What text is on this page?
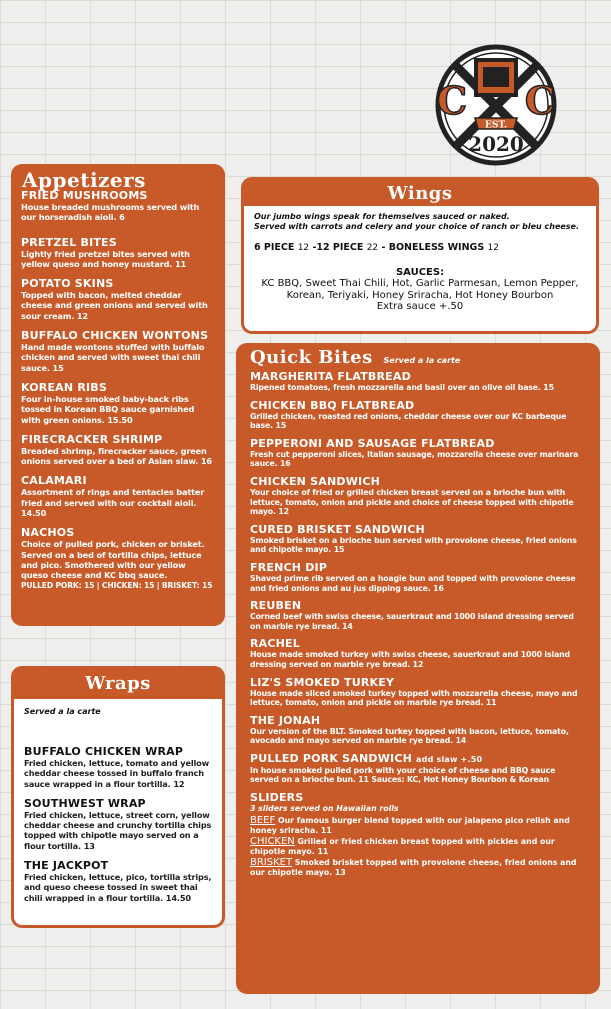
C C
EST.
2020
Appetizers
FRIED MUSHROOMS
House breaded mushrooms served with our horseradish aioli. 6
PRETZEL BITES
Lightly fried pretzel bites served with yellow queso and honey mustard. 11
POTATO SKINS
Topped with bacon, melted cheddar cheese and green onions and served with sour cream. 12
BUFFALO CHICKEN WONTONS
Hand made wontons stuffed with buffalo chicken and served with sweet thai chili sauce. 15
KOREAN RIBS
Four in-house smoked baby-back ribs tossed in Korean BBQ sauce garnished with green onions. 15.50
FIRECRACKER SHRIMP
Breaded shrimp, firecracker sauce, green onions served over a bed of Asian slaw. 16
CALAMARI
Assortment of rings and tentacles batter fried and served with our cocktail aioli. 14.50
NACHOS
Choice of pulled pork, chicken or brisket. Served on a bed of tortilla chips, lettuce and pico. Smothered with our yellow queso cheese and KC bbq sauce.
PULLED PORK: 15 | CHICKEN: 15 | BRISKET: 15
Wraps
Served a la carte
BUFFALO CHICKEN WRAP
Fried chicken, lettuce, tomato and yellow cheddar cheese tossed in buffalo franch sauce wrapped in a flour tortilla. 12
SOUTHWEST WRAP
Fried chicken, lettuce, street corn, yellow cheddar cheese and crunchy tortilla chips topped with chipotle mayo served on a flour tortilla. 13
THE JACKPOT
Fried chicken, lettuce, pico, tortilla strips, and queso cheese tossed in sweet thai chili wrapped in a flour tortilla. 14.50
Wings
Our jumbo wings speak for themselves sauced or naked.
Served with carrots and celery and your choice of ranch or bleu cheese.
6 PIECE 12 -12 PIECE 22 - BONELESS WINGS 12
SAUCES:
KC BBQ, Sweet Thai Chili, Hot, Garlic Parmesan, Lemon Pepper, Korean, Teriyaki, Honey Sriracha, Hot Honey Bourbon
Extra sauce +.50
Quick Bites Served a la carte
MARGHERITA FLATBREAD
Ripened tomatoes, fresh mozzarella and basil over an olive oil base. 15
CHICKEN BBQ FLATBREAD
Grilled chicken, roasted red onions, cheddar cheese over our KC barbeque base. 15
PEPPERONI AND SAUSAGE FLATBREAD
Fresh cut pepperoni slices, Italian sausage, mozzarella cheese over marinara sauce. 16
CHICKEN SANDWICH
Your choice of fried or grilled chicken breast served on a brioche bun with lettuce, tomato, onion and pickle and choice of cheese topped with chipotle mayo. 12
CURED BRISKET SANDWICH
Smoked brisket on a brioche bun served with provolone cheese, fried onions and chipotle mayo. 15
FRENCH DIP
Shaved prime rib served on a hoagie bun and topped with provolone cheese and fried onions and au jus dipping sauce. 16
REUBEN
Corned beef with swiss cheese, sauerkraut and 1000 island dressing served on marble rye bread. 14
RACHEL
House made smoked turkey with swiss cheese, sauerkraut and 1000 island dressing served on marble rye bread. 12
LIZ'S SMOKED TURKEY
House made sliced smoked turkey topped with mozzarella cheese, mayo and lettuce, tomato, onion and pickle on marble rye bread. 11
THE JONAH
Our version of the BLT. Smoked turkey topped with bacon, lettuce, tomato, avocado and mayo served on marble rye bread. 14
PULLED PORK SANDWICH add slaw +.50
In house smoked pulled pork with your choice of cheese and BBQ sauce served on a brioche bun. 11 Sauces: KC, Hot Honey Bourbon & Korean
SLIDERS
3 sliders served on Hawaiian rolls
BEEF Our famous burger blend topped with our jalapeno pico relish and honey sriracha. 11
CHICKEN Grilled or fried chicken breast topped with pickles and our chipotle mayo. 11
BRISKET Smoked brisket topped with provolone cheese, fried onions and our chipotle mayo. 13
